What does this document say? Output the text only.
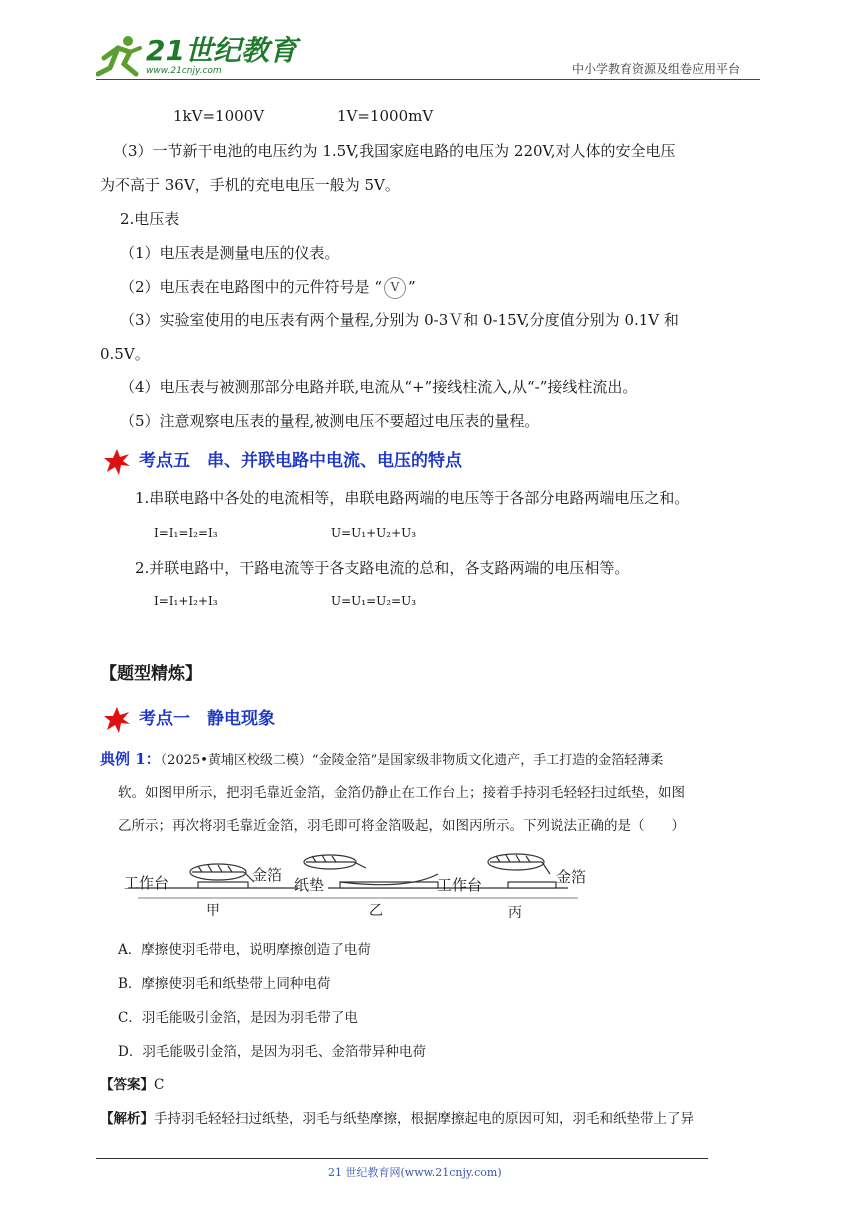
21世纪教育
www.21cnjy.com	中小学教育资源及组卷应用平台
1kV=1000V	1V=1000mV
（3）一节新干电池的电压约为 1.5V,我国家庭电路的电压为 220V,对人体的安全电压
为不高于 36V，手机的充电电压一般为 5V。
2.电压表
（1）电压表是测量电压的仪表。
（2）电压表在电路图中的元件符号是 “ V ”
（3）实验室使用的电压表有两个量程,分别为 0-3Ｖ和 0-15V,分度值分别为 0.1V 和
0.5V。
（4）电压表与被测那部分电路并联,电流从“+”接线柱流入,从“-”接线柱流出。
（5）注意观察电压表的量程,被测电压不要超过电压表的量程。
考点五　串、并联电路中电流、电压的特点
1.串联电路中各处的电流相等，串联电路两端的电压等于各部分电路两端电压之和。
I=I₁=I₂=I₃	U=U₁+U₂+U₃
2.并联电路中，干路电流等于各支路电流的总和，各支路两端的电压相等。
I=I₁+I₂+I₃	U=U₁=U₂=U₃
【题型精炼】
考点一　静电现象
典例 1：（2025•黄埔区校级二模）“金陵金箔”是国家级非物质文化遗产，手工打造的金箔轻薄柔
软。如图甲所示，把羽毛靠近金箔，金箔仍静止在工作台上；接着手持羽毛轻轻扫过纸垫，如图
乙所示；再次将羽毛靠近金箔，羽毛即可将金箔吸起，如图丙所示。下列说法正确的是（　　）
工作台	金箔
甲
纸垫
乙
工作台	金箔
丙
A．摩擦使羽毛带电，说明摩擦创造了电荷
B．摩擦使羽毛和纸垫带上同种电荷
C．羽毛能吸引金箔，是因为羽毛带了电
D．羽毛能吸引金箔，是因为羽毛、金箔带异种电荷
【答案】C
【解析】手持羽毛轻轻扫过纸垫，羽毛与纸垫摩擦，根据摩擦起电的原因可知，羽毛和纸垫带上了异
21 世纪教育网(www.21cnjy.com)
